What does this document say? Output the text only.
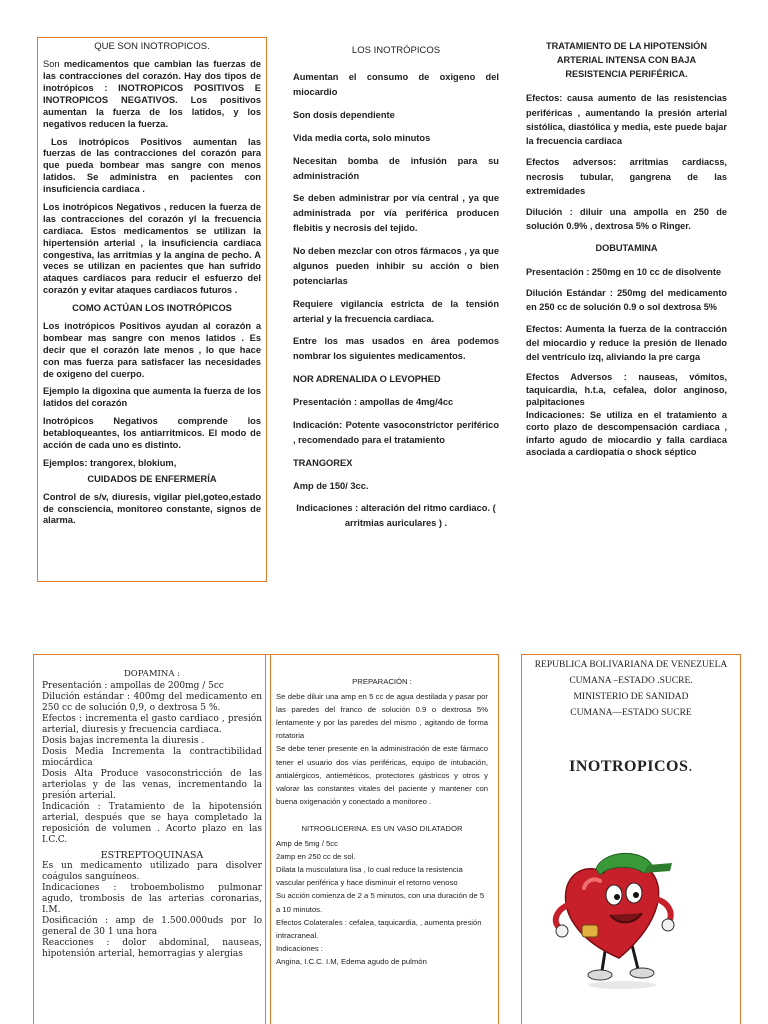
QUE SON INOTROPICOS.

Son medicamentos que cambian las fuerzas de las contracciones del corazón. Hay dos tipos de inotrópicos : INOTROPICOS POSITIVOS E INOTROPICOS NEGATIVOS. Los positivos aumentan la fuerza de los latidos, y los negativos reducen la fuerza.

Los inotrópicos Positivos aumentan las fuerzas de las contracciones del corazón para que pueda bombear mas sangre con menos latidos. Se administra en pacientes con insuficiencia cardiaca .

Los inotrópicos Negativos , reducen la fuerza de las contracciones del corazón yl la frecuencia cardiaca. Estos medicamentos se utilizan la hipertensión arterial , la insuficiencia cardiaca congestiva, las arritmias y la angina de pecho. A veces se utilizan en pacientes que han sufrido ataques cardiacos para reducir el esfuerzo del corazón y evitar ataques cardiacos futuros .

COMO ACTÚAN LOS INOTRÓPICOS

Los inotrópicos Positivos ayudan al corazón a bombear mas sangre con menos latidos . Es decir que el corazón late menos , lo que hace con mas fuerza para satisfacer las necesidades de oxigeno del cuerpo.

Ejemplo la digoxina que aumenta la fuerza de los latidos del corazón

Inotrópicos Negativos comprende los betabloqueantes, los antiarritmicos. El modo de acción de cada uno es distinto.

Ejemplos: trangorex, blokium,

CUIDADOS DE ENFERMERÍA

Control de s/v, diuresis, vigilar piel,goteo,estado de consciencia, monitoreo constante, signos de alarma.

LOS INOTRÓPICOS

Aumentan el consumo de oxigeno del miocardio

Son dosis dependiente

Vida media corta, solo minutos

Necesitan bomba de infusión para su administración

Se deben administrar por vía central , ya que administrada por vía periférica producen flebitis y necrosis del tejido.

No deben mezclar con otros fármacos , ya que algunos pueden inhibir su acción o bien potenciarlas

Requiere vigilancia estricta de la tensión arterial y la frecuencia cardiaca.

Entre los mas usados en área podemos nombrar los siguientes medicamentos.

NOR ADRENALIDA O LEVOPHED

Presentación : ampollas de 4mg/4cc

Indicación: Potente vasoconstrictor periférico , recomendado para el tratamiento

TRANGOREX

Amp de 150/ 3cc.

Indicaciones : alteración del ritmo cardiaco. ( arritmias auriculares ) .

TRATAMIENTO DE LA HIPOTENSIÓN ARTERIAL INTENSA CON BAJA RESISTENCIA PERIFÉRICA.

Efectos: causa aumento de las resistencias periféricas , aumentando la presión arterial sistólica, diastólica y media, este puede bajar la frecuencia cardiaca

Efectos adversos: arritmias cardiacss, necrosis tubular, gangrena de las extremidades

Dilución : diluir una ampolla en 250 de solución 0.9% , dextrosa 5% o Ringer.

DOBUTAMINA

Presentación : 250mg en 10 cc de disolvente

Dilución Estándar : 250mg del medicamento en 250 cc de solución 0.9 o sol dextrosa 5%

Efectos: Aumenta la fuerza de la contracción del miocardio y reduce la presión de llenado del ventrículo izq, aliviando la pre carga

Efectos Adversos : nauseas, vómitos, taquicardia, h.t.a, cefalea, dolor anginoso, palpitaciones

Indicaciones: Se utiliza en el tratamiento a corto plazo de descompensación cardiaca , infarto agudo de miocardio y falla cardiaca asociada a cardiopatía o shock séptico

DOPAMINA :
Presentación : ampollas de 200mg / 5cc
Dilución estándar : 400mg del medicamento en 250 cc de solución 0,9, o dextrosa 5 %.
Efectos : incrementa el gasto cardiaco , presión arterial, diuresis y frecuencia cardiaca.
Dosis bajas incrementa la diuresis .
Dosis Media Incrementa la contractibilidad miocárdica
Dosis Alta Produce vasoconstricción de las arteriolas y de las venas, incrementando la presión arterial.
Indicación : Tratamiento de la hipotensión arterial, después que se haya completado la reposición de volumen . Acorto plazo en las I.C.C.
ESTREPTOQUINASA
Es un medicamento utilizado para disolver coágulos sanguíneos.
Indicaciones : troboembolismo pulmonar agudo, trombosis de las arterias coronarias, I.M.
Dosificación : amp de 1.500.000uds por lo general de 30 1 una hora
Reacciones : dolor abdominal, nauseas, hipotensión arterial, hemorragias y alergias
PREPARACIÓN :
Se debe diluir una amp en 5 cc de agua destilada y pasar por las paredes del franco de solución 0.9 o dextrosa 5% lentamente y por las paredes del mismo , agitando de forma rotatoria
Se debe tener presente en la administración de este fármaco tener el usuario dos vías periféricas, equipo de intubación, antialérgicos, antieméticos, protectores gástricos y otros y valorar las constantes vitales del paciente y mantener con buena oxigenación y conectado a monitoreo .
NITROGLICERINA. ES UN VASO DILATADOR
Amp de 5mg / 5cc
2amp en 250 cc de sol.
Dilata la musculatura lisa , lo cual reduce la resistencia vascular periférica y hace disminuir el retorno venoso
Su acción comienza de 2 a 5 minutos, con una duración de 5 a 10 minutos.
Efectos Colaterales : cefalea, taquicardia, , aumenta presión intracraneal.
Indicaciones :
Angina, I.C.C. I.M, Edema agudo de pulmón
REPUBLICA BOLIVARIANA DE VENEZUELA
CUMANA –ESTADO .SUCRE.
MINISTERIO DE SANIDAD
CUMANA—ESTADO SUCRE
INOTROPICOS.
